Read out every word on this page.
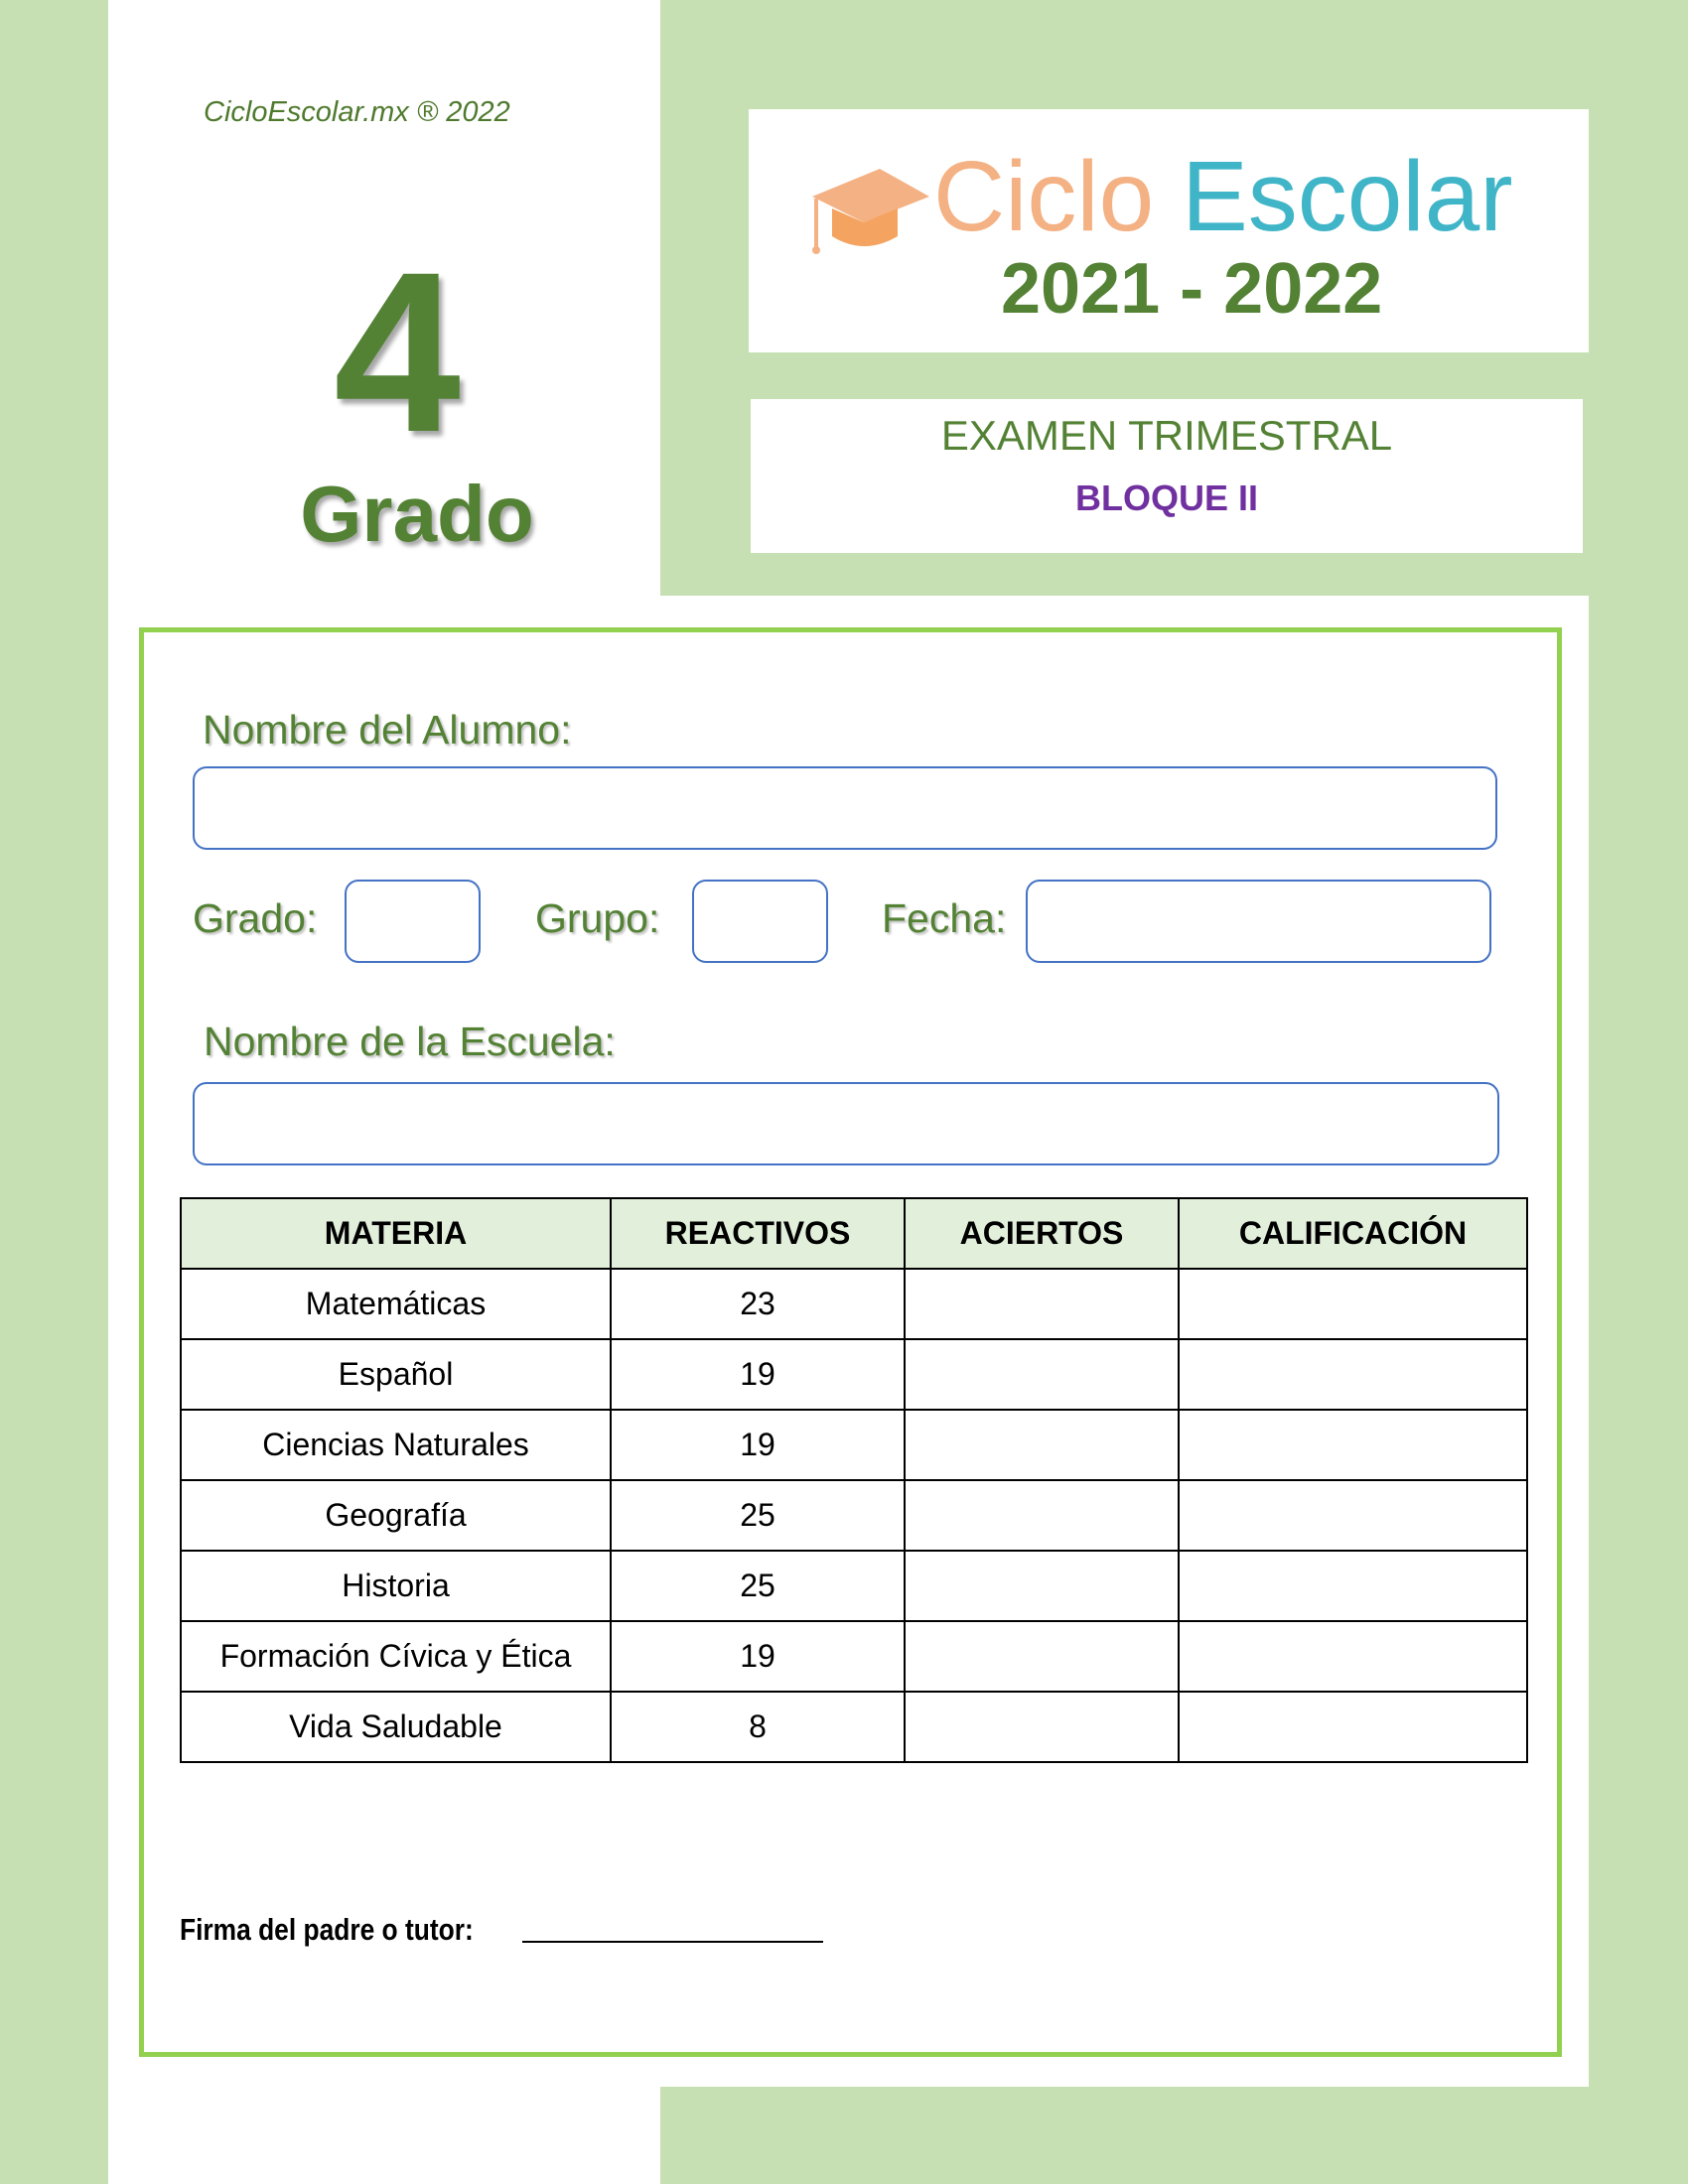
CicloEscolar.mx ® 2022
4
Grado
Ciclo Escolar
2021 - 2022
EXAMEN TRIMESTRAL
BLOQUE II
Nombre del Alumno:
Grado:	Grupo:	Fecha:
Nombre de la Escuela:
MATERIA	REACTIVOS	ACIERTOS	CALIFICACIÓN
Matemáticas	23		
Español	19		
Ciencias Naturales	19		
Geografía	25		
Historia	25		
Formación Cívica y Ética	19		
Vida Saludable	8		
Firma del padre o tutor:
